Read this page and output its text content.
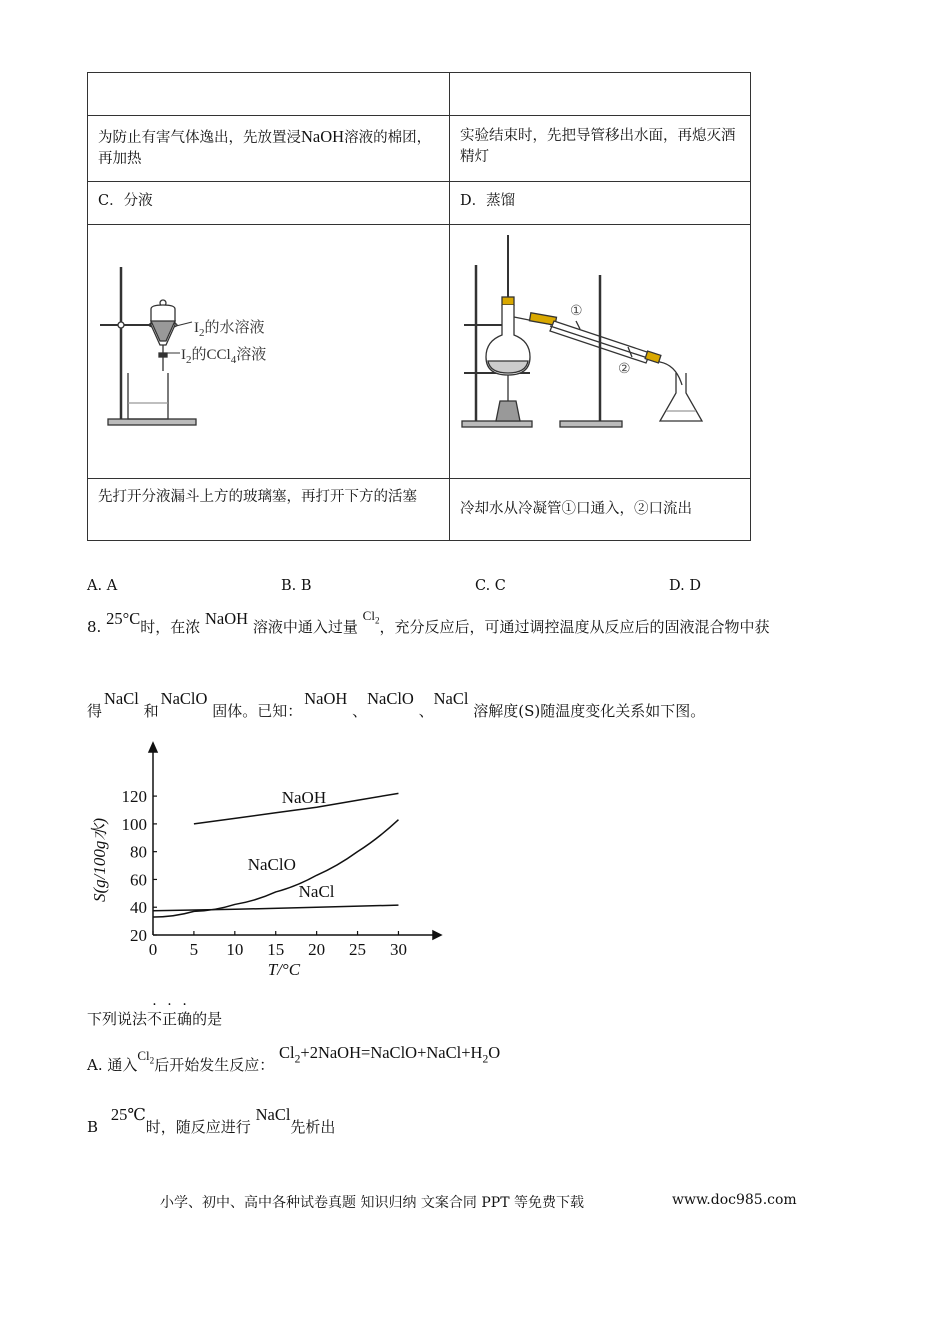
为防止有害气体逸出，先放置浸NaOH溶液的棉团，再加热	实验结束时，先把导管移出水面，再熄灭酒精灯
C．分液	D．蒸馏

$I_2$的水溶液
$I_2$的CCl$_4$溶液	①
②

先打开分液漏斗上方的玻璃塞，再打开下方的活塞	冷却水从冷凝管①口通入，②口流出
A. A	B. B	C. C	D. D
8. 25°C时，在浓 NaOH 溶液中通入过量 $Cl_2$，充分反应后，可通过调控温度从反应后的固液混合物中获
得NaCl 和NaClO 固体。已知：NaOH 、NaClO 、NaCl 溶解度(S)随温度变化关系如下图。
0 5 10 15 20 25 30
20
40
60
80
100
120	NaOH
NaClO
NaCl
T/°C
S(g/100g水)
下列说法不正确的是
A. 通入$Cl_2$后开始发生反应： $Cl_2+2NaOH=NaClO+NaCl+H_2O$
B 25℃时，随反应进行 NaCl先析出
小学、初中、高中各种试卷真题 知识归纳 文案合同 PPT 等免费下载	www.doc985.com
